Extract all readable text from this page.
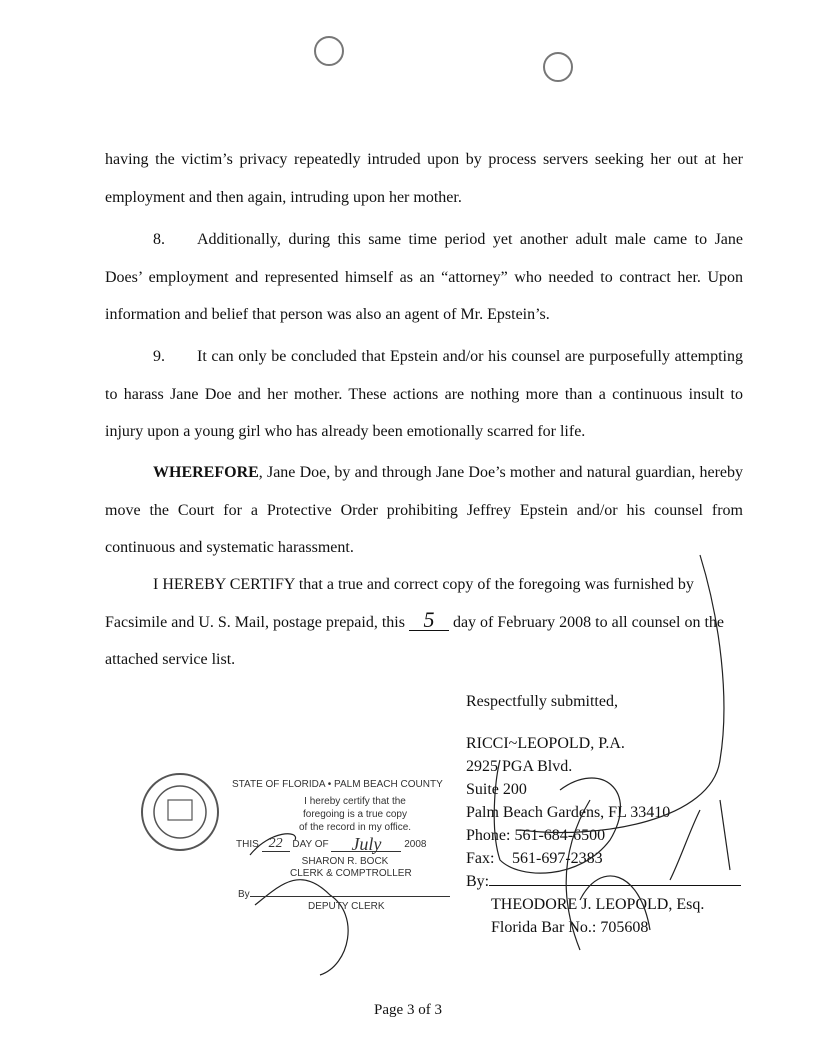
having the victim’s privacy repeatedly intruded upon by process servers seeking her out at her employment and then again, intruding upon her mother.
8. Additionally, during this same time period yet another adult male came to Jane Does’ employment and represented himself as an “attorney” who needed to contract her. Upon information and belief that person was also an agent of Mr. Epstein’s.
9. It can only be concluded that Epstein and/or his counsel are purposefully attempting to harass Jane Doe and her mother. These actions are nothing more than a continuous insult to injury upon a young girl who has already been emotionally scarred for life.
WHEREFORE, Jane Doe, by and through Jane Doe’s mother and natural guardian, hereby move the Court for a Protective Order prohibiting Jeffrey Epstein and/or his counsel from continuous and systematic harassment.
I HEREBY CERTIFY that a true and correct copy of the foregoing was furnished by Facsimile and U. S. Mail, postage prepaid, this 5 day of February 2008 to all counsel on the attached service list.
Respectfully submitted,
RICCI~LEOPOLD, P.A.
2925 PGA Blvd.
Suite 200
Palm Beach Gardens, FL 33410
Phone: 561-684-6500
Fax: 561-697-2383
By:
THEODORE J. LEOPOLD, Esq.
Florida Bar No.: 705608
STATE OF FLORIDA • PALM BEACH COUNTY
I hereby certify that the
foregoing is a true copy
of the record in my office.
THIS 22 DAY OF July 2008
SHARON R. BOCK
CLERK & COMPTROLLER
By
DEPUTY CLERK
Page 3 of 3
